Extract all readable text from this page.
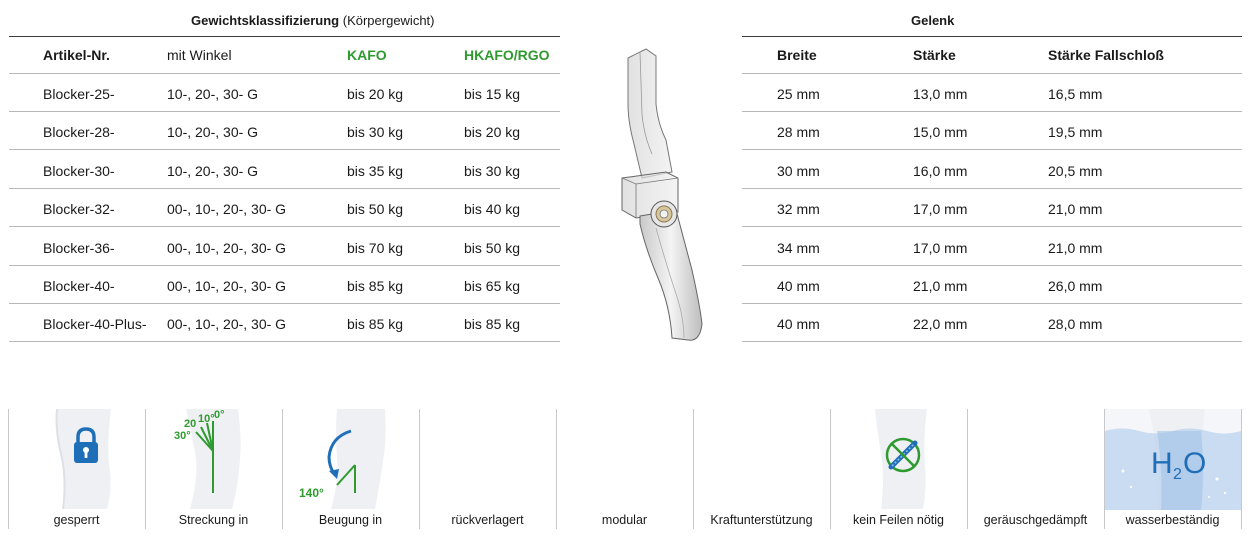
Gewichtsklassifizierung (Körpergewicht)	Gelenk
Artikel-Nr.	mit Winkel	KAFO	HKAFO/RGO
Blocker-25-	10-, 20-, 30- G	bis 20 kg	bis 15 kg
Blocker-28-	10-, 20-, 30- G	bis 30 kg	bis 20 kg
Blocker-30-	10-, 20-, 30- G	bis 35 kg	bis 30 kg
Blocker-32-	00-, 10-, 20-, 30- G	bis 50 kg	bis 40 kg
Blocker-36-	00-, 10-, 20-, 30- G	bis 70 kg	bis 50 kg
Blocker-40-	00-, 10-, 20-, 30- G	bis 85 kg	bis 65 kg
Blocker-40-Plus- 00-, 10-, 20-, 30- G	bis 85 kg	bis 85 kg
Breite	Stärke	Stärke Fallschloß
25 mm	13,0 mm	16,5 mm
28 mm	15,0 mm	19,5 mm
30 mm	16,0 mm	20,5 mm
32 mm	17,0 mm	21,0 mm
34 mm	17,0 mm	21,0 mm
40 mm	21,0 mm	26,0 mm
40 mm	22,0 mm	28,0 mm
gesperrt
10°
20
30°
0°
Streckung in
140°
Beugung in	rückverlagert	modular	Kraftunterstützung	kein Feilen nötig	geräuschgedämpft
H 2 O
wasserbeständig
